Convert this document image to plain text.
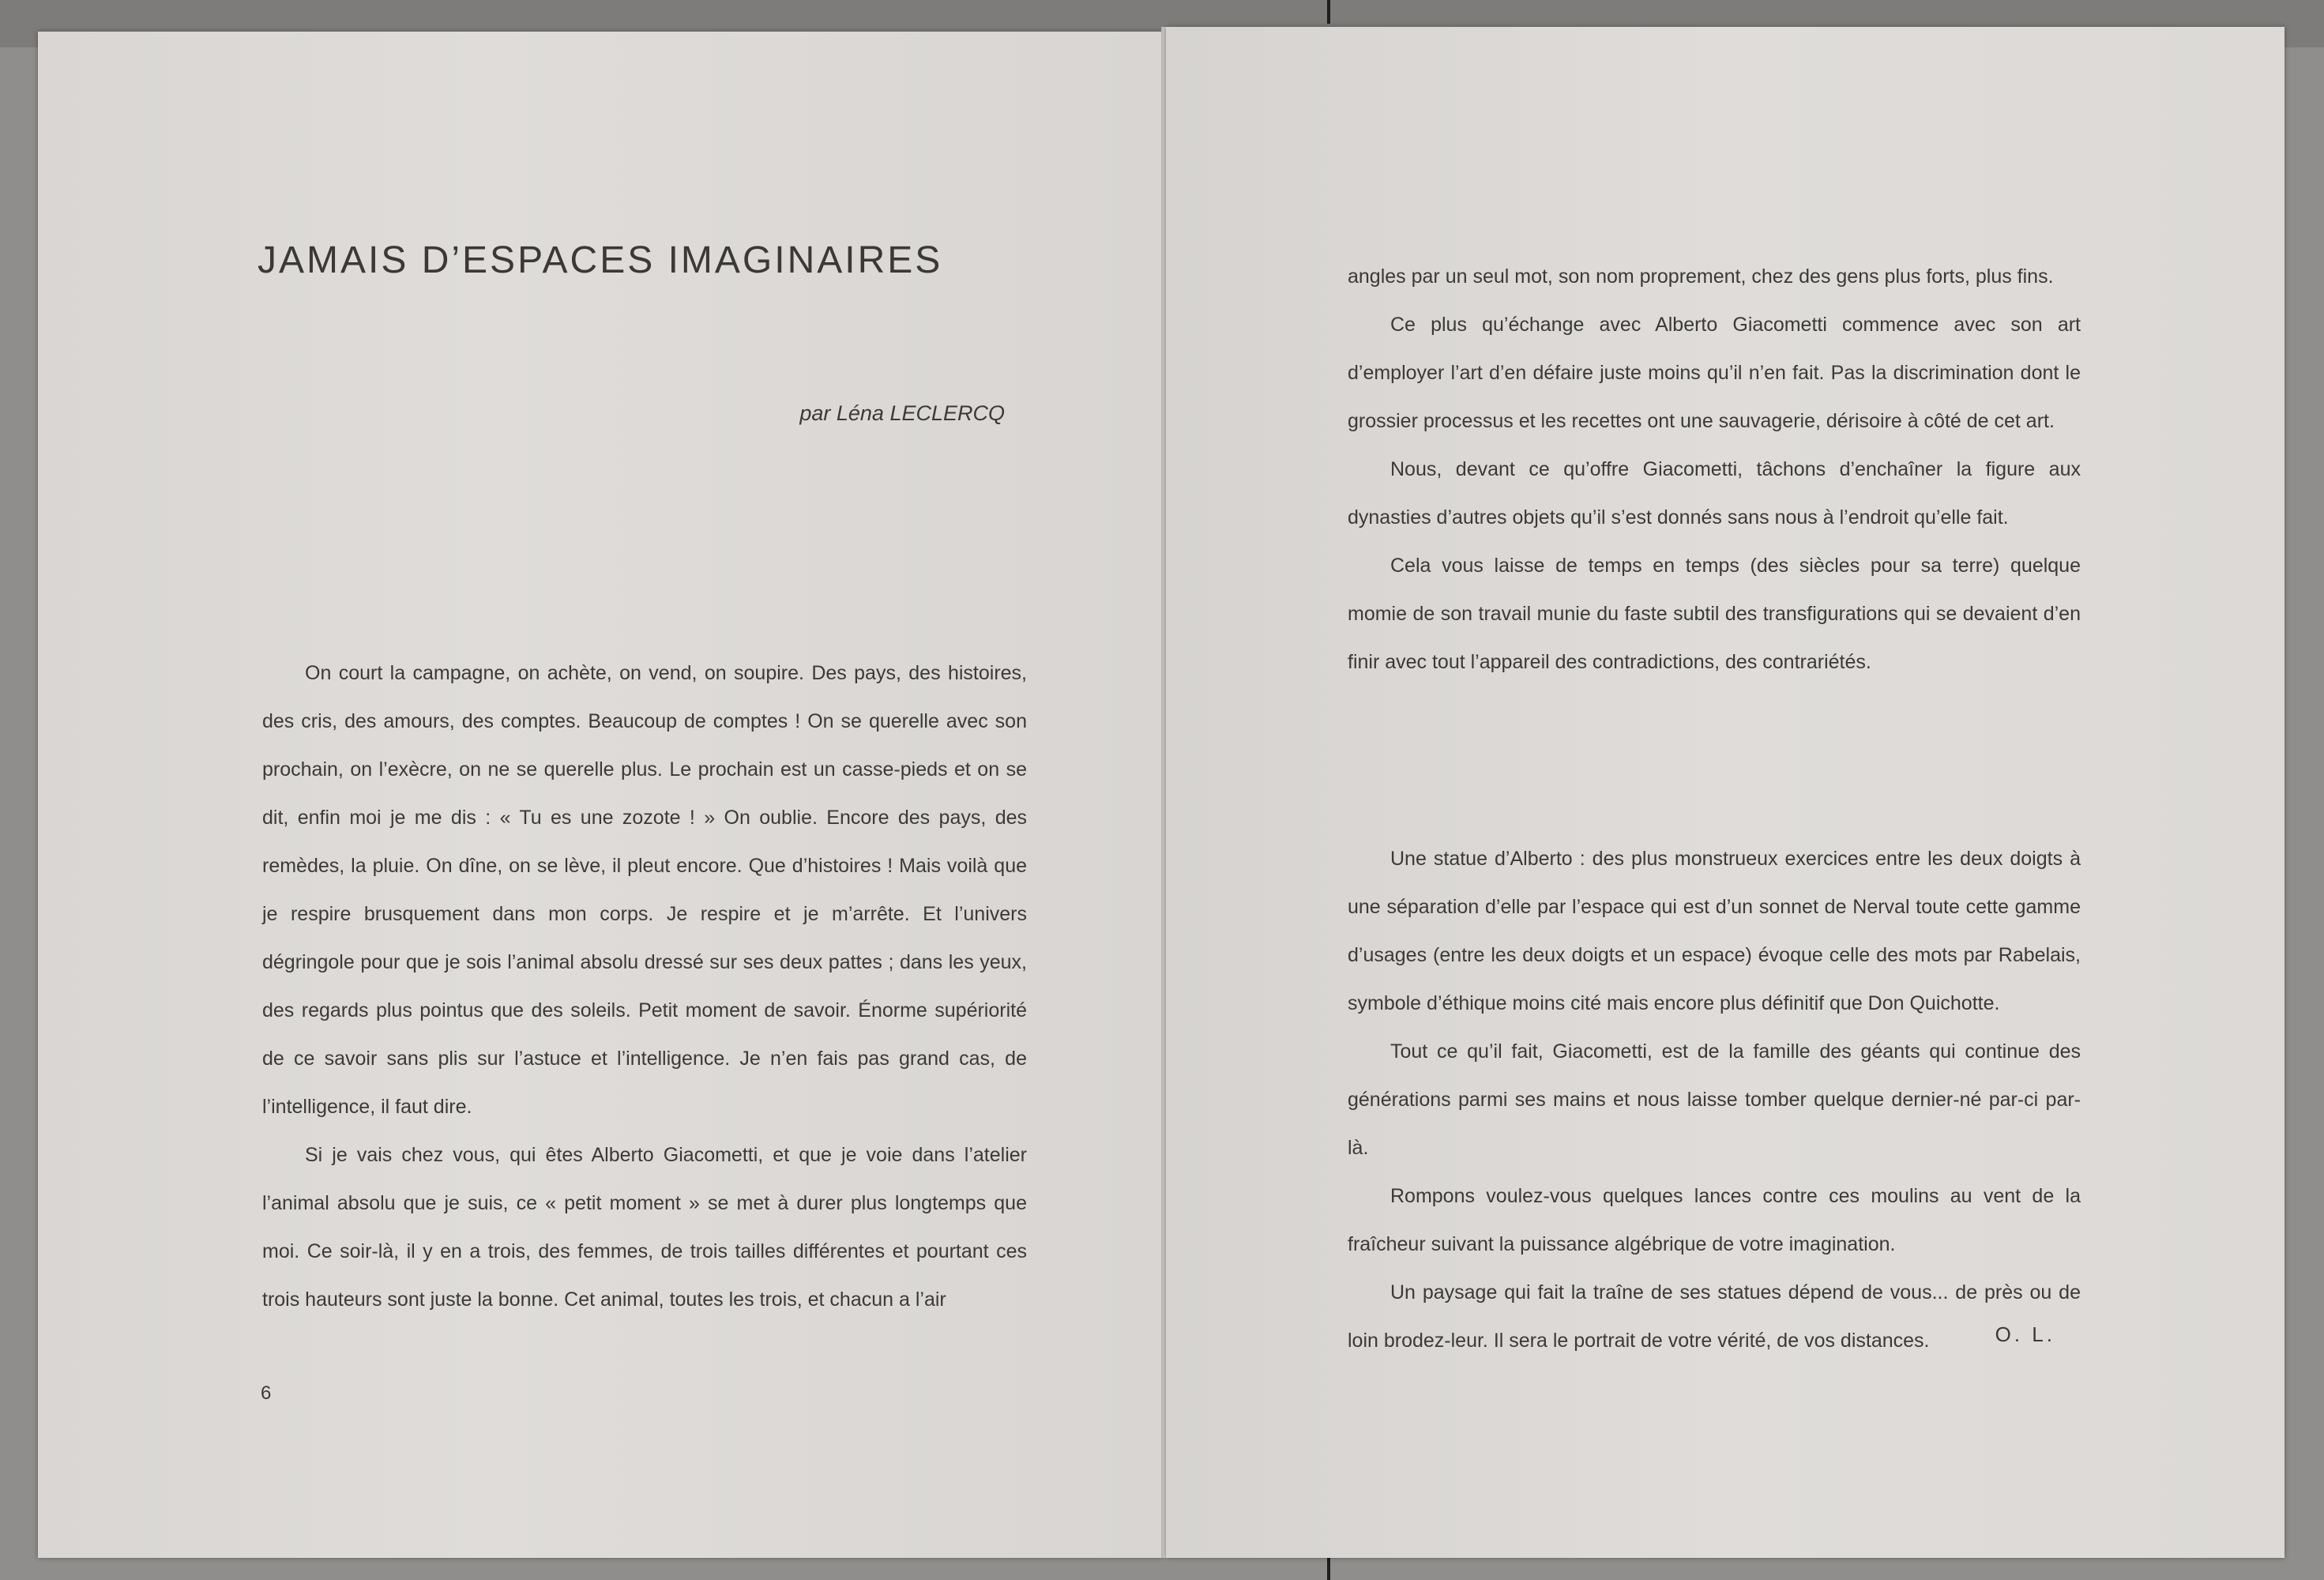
JAMAIS D’ESPACES IMAGINAIRES
par Léna LECLERCQ

On court la campagne, on achète, on vend, on soupire. Des pays, des histoires, des cris, des amours, des comptes. Beaucoup de comptes ! On se querelle avec son prochain, on l’exècre, on ne se querelle plus. Le prochain est un casse-pieds et on se dit, enfin moi je me dis : « Tu es une zozote ! » On oublie. Encore des pays, des remèdes, la pluie. On dîne, on se lève, il pleut encore. Que d’histoires ! Mais voilà que je respire brusquement dans mon corps. Je respire et je m’arrête. Et l’univers dégringole pour que je sois l’animal absolu dressé sur ses deux pattes ; dans les yeux, des regards plus pointus que des soleils. Petit moment de savoir. Énorme supériorité de ce savoir sans plis sur l’astuce et l’intelligence. Je n’en fais pas grand cas, de l’intelligence, il faut dire.

Si je vais chez vous, qui êtes Alberto Giacometti, et que je voie dans l’atelier l’animal absolu que je suis, ce « petit moment » se met à durer plus longtemps que moi. Ce soir-là, il y en a trois, des femmes, de trois tailles différentes et pourtant ces trois hauteurs sont juste la bonne. Cet animal, toutes les trois, et chacun a l’air

6

angles par un seul mot, son nom proprement, chez des gens plus forts, plus fins.

Ce plus qu’échange avec Alberto Giacometti commence avec son art d’employer l’art d’en défaire juste moins qu’il n’en fait. Pas la discrimination dont le grossier processus et les recettes ont une sauvagerie, dérisoire à côté de cet art.

Nous, devant ce qu’offre Giacometti, tâchons d’enchaîner la figure aux dynasties d’autres objets qu’il s’est donnés sans nous à l’endroit qu’elle fait.

Cela vous laisse de temps en temps (des siècles pour sa terre) quelque momie de son travail munie du faste subtil des transfigurations qui se devaient d’en finir avec tout l’appareil des contradictions, des contrariétés.

Une statue d’Alberto : des plus monstrueux exercices entre les deux doigts à une séparation d’elle par l’espace qui est d’un sonnet de Nerval toute cette gamme d’usages (entre les deux doigts et un espace) évoque celle des mots par Rabelais, symbole d’éthique moins cité mais encore plus définitif que Don Quichotte.

Tout ce qu’il fait, Giacometti, est de la famille des géants qui continue des générations parmi ses mains et nous laisse tomber quelque dernier-né par-ci par-là.

Rompons voulez-vous quelques lances contre ces moulins au vent de la fraîcheur suivant la puissance algébrique de votre imagination.

Un paysage qui fait la traîne de ses statues dépend de vous... de près ou de loin brodez-leur. Il sera le portrait de votre vérité, de vos distances.	O. L.
